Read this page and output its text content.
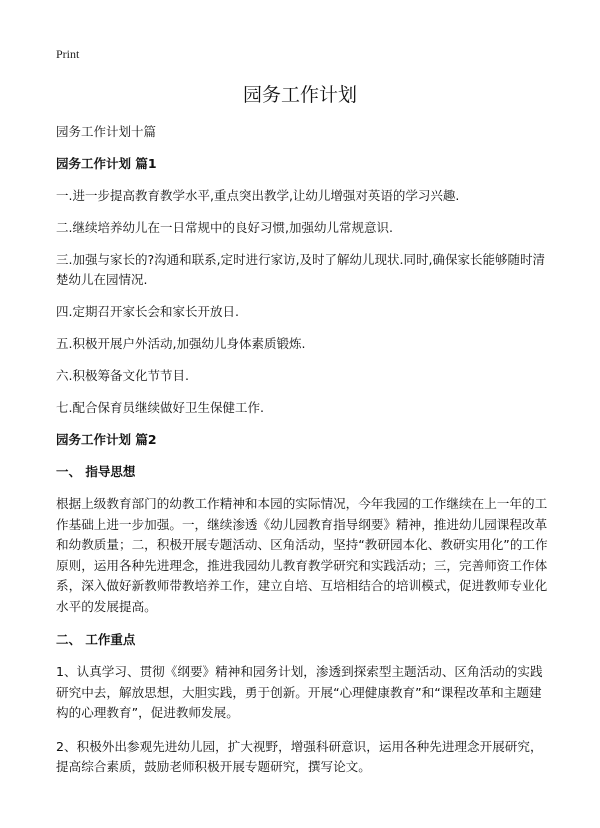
Print
园务工作计划

园务工作计划十篇

园务工作计划 篇1

一.进一步提高教育教学水平,重点突出教学,让幼儿增强对英语的学习兴趣.

二.继续培养幼儿在一日常规中的良好习惯,加强幼儿常规意识.

三.加强与家长的?沟通和联系,定时进行家访,及时了解幼儿现状.同时,确保家长能够随时清楚幼儿在园情况.

四.定期召开家长会和家长开放日.

五.积极开展户外活动,加强幼儿身体素质锻炼.

六.积极筹备文化节节目.

七.配合保育员继续做好卫生保健工作.

园务工作计划 篇2

一、 指导思想

根据上级教育部门的幼教工作精神和本园的实际情况，今年我园的工作继续在上一年的工作基础上进一步加强。一，继续渗透《幼儿园教育指导纲要》精神，推进幼儿园课程改革和幼教质量；二，积极开展专题活动、区角活动，坚持“教研园本化、教研实用化”的工作原则，运用各种先进理念，推进我园幼儿教育教学研究和实践活动；三，完善师资工作体系，深入做好新教师带教培养工作，建立自培、互培相结合的培训模式，促进教师专业化水平的发展提高。

二、 工作重点

1、认真学习、贯彻《纲要》精神和园务计划，渗透到探索型主题活动、区角活动的实践研究中去，解放思想，大胆实践，勇于创新。开展“心理健康教育”和“课程改革和主题建构的心理教育”，促进教师发展。

2、积极外出参观先进幼儿园，扩大视野，增强科研意识，运用各种先进理念开展研究，提高综合素质，鼓励老师积极开展专题研究，撰写论文。
